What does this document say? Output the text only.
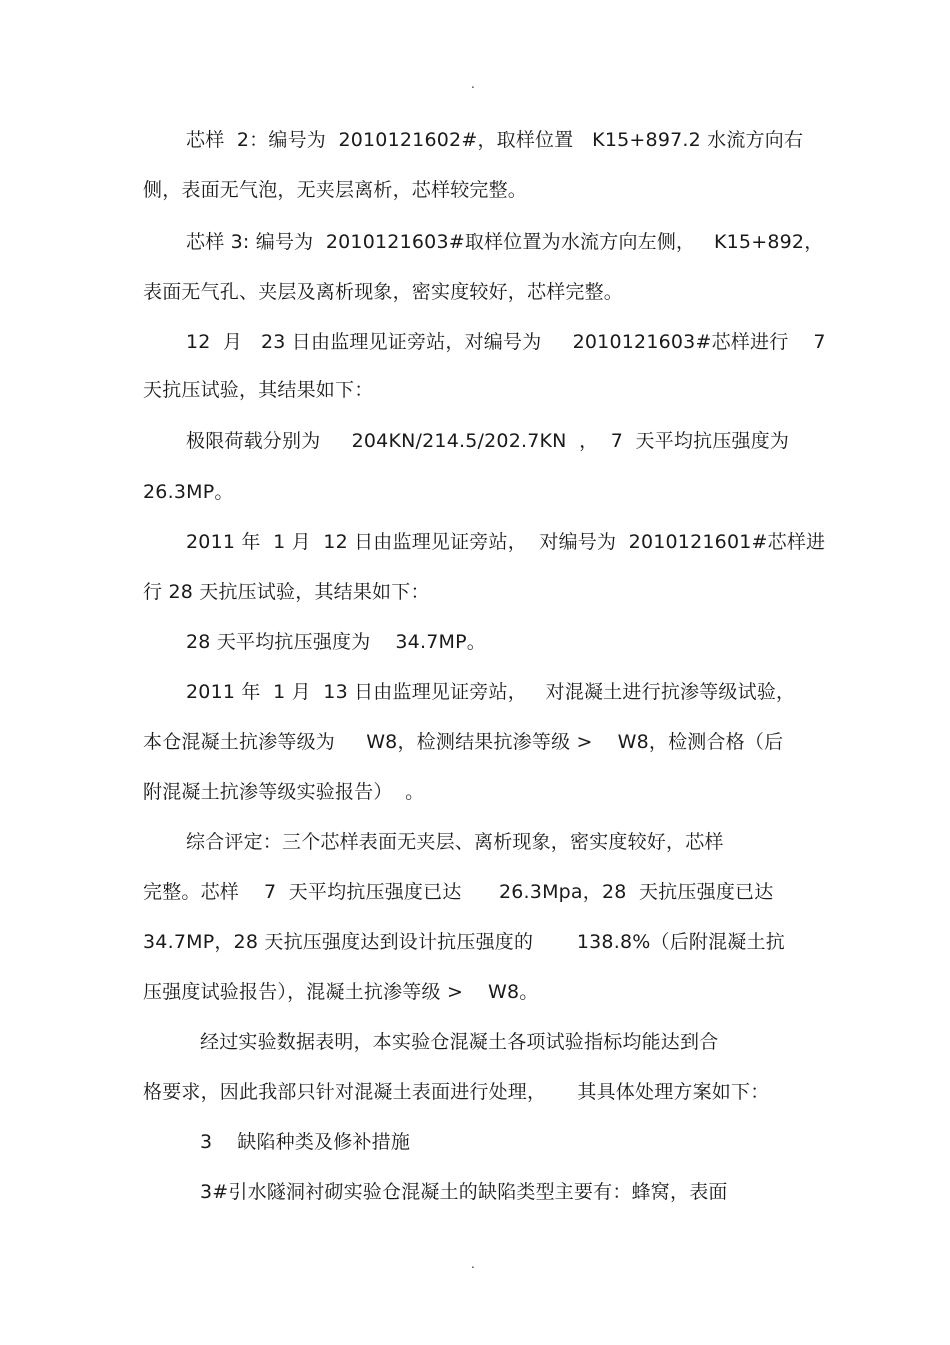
.
芯样  2：编号为  2010121602#，取样位置   K15+897.2 水流方向右
侧，表面无气泡，无夹层离析，芯样较完整。
芯样 3: 编号为  2010121603#取样位置为水流方向左侧，   K15+892，
表面无气孔、夹层及离析现象，密实度较好，芯样完整。
12  月   23 日由监理见证旁站，对编号为     2010121603#芯样进行    7
天抗压试验，其结果如下：
极限荷载分别为     204KN/214.5/202.7KN  ，  7  天平均抗压强度为
26.3MP。
2011 年  1 月  12 日由监理见证旁站，  对编号为  2010121601#芯样进
行 28 天抗压试验，其结果如下：
28 天平均抗压强度为    34.7MP。
2011 年  1 月  13 日由监理见证旁站，   对混凝土进行抗渗等级试验，
本仓混凝土抗渗等级为     W8，检测结果抗渗等级 >    W8，检测合格（后
附混凝土抗渗等级实验报告）  。
综合评定：三个芯样表面无夹层、离析现象，密实度较好，芯样
完整。芯样    7  天平均抗压强度已达      26.3Mpa，28  天抗压强度已达
34.7MP，28 天抗压强度达到设计抗压强度的       138.8%（后附混凝土抗
压强度试验报告），混凝土抗渗等级 >    W8。
经过实验数据表明，本实验仓混凝土各项试验指标均能达到合
格要求，因此我部只针对混凝土表面进行处理，     其具体处理方案如下：
3    缺陷种类及修补措施
3#引水隧洞衬砌实验仓混凝土的缺陷类型主要有：蜂窝，表面
.
